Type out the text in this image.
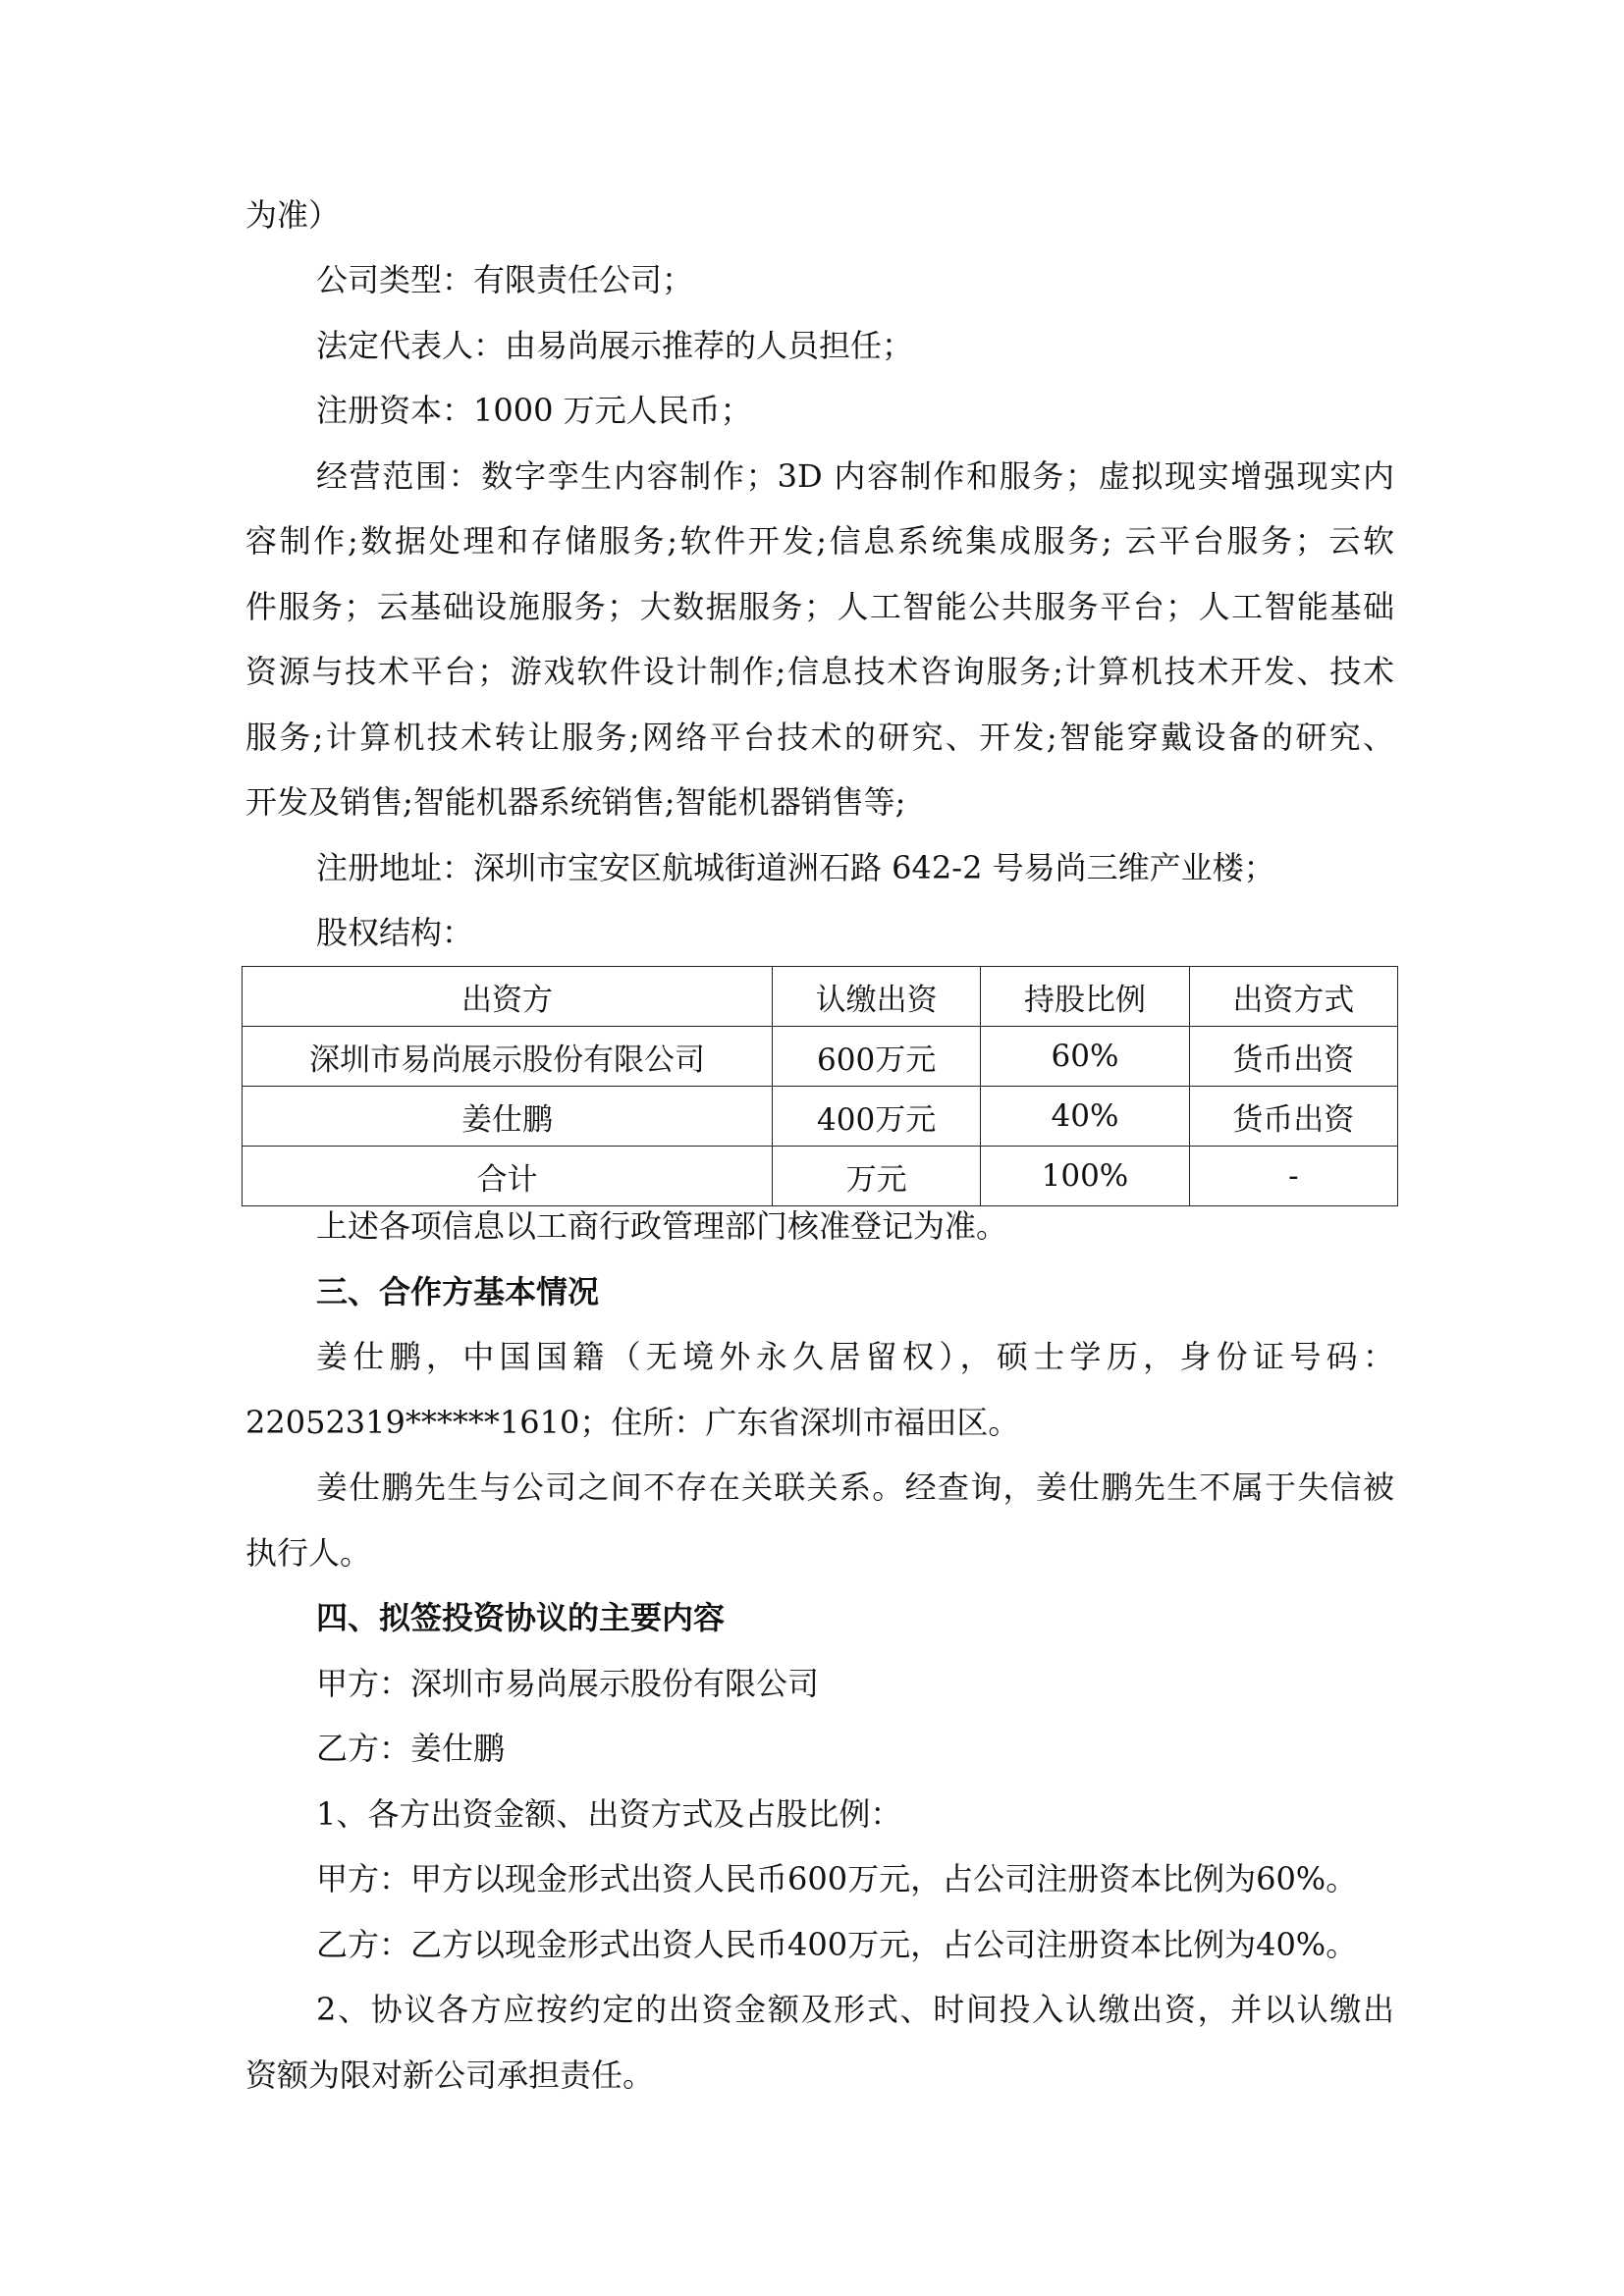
为准）
公司类型：有限责任公司；
法定代表人：由易尚展示推荐的人员担任；
注册资本：1000 万元人民币；
经营范围：数字孪生内容制作；3D 内容制作和服务；虚拟现实增强现实内
容制作;数据处理和存储服务;软件开发;信息系统集成服务; 云平台服务；云软
件服务；云基础设施服务；大数据服务；人工智能公共服务平台；人工智能基础
资源与技术平台；游戏软件设计制作;信息技术咨询服务;计算机技术开发、技术
服务;计算机技术转让服务;网络平台技术的研究、开发;智能穿戴设备的研究、
开发及销售;智能机器系统销售;智能机器销售等;
注册地址：深圳市宝安区航城街道洲石路 642-2 号易尚三维产业楼；
股权结构：
出资方	认缴出资	持股比例	出资方式
深圳市易尚展示股份有限公司	600万元	60%	货币出资
姜仕鹏	400万元	40%	货币出资
合计	万元	100%	-
上述各项信息以工商行政管理部门核准登记为准。
三、合作方基本情况
姜仕鹏，中国国籍（无境外永久居留权），硕士学历，身份证号码：
22052319******1610；住所：广东省深圳市福田区。
姜仕鹏先生与公司之间不存在关联关系。经查询，姜仕鹏先生不属于失信被
执行人。
四、拟签投资协议的主要内容
甲方：深圳市易尚展示股份有限公司
乙方：姜仕鹏
1、各方出资金额、出资方式及占股比例：
甲方：甲方以现金形式出资人民币600万元，占公司注册资本比例为60%。
乙方：乙方以现金形式出资人民币400万元，占公司注册资本比例为40%。
2、协议各方应按约定的出资金额及形式、时间投入认缴出资，并以认缴出
资额为限对新公司承担责任。
